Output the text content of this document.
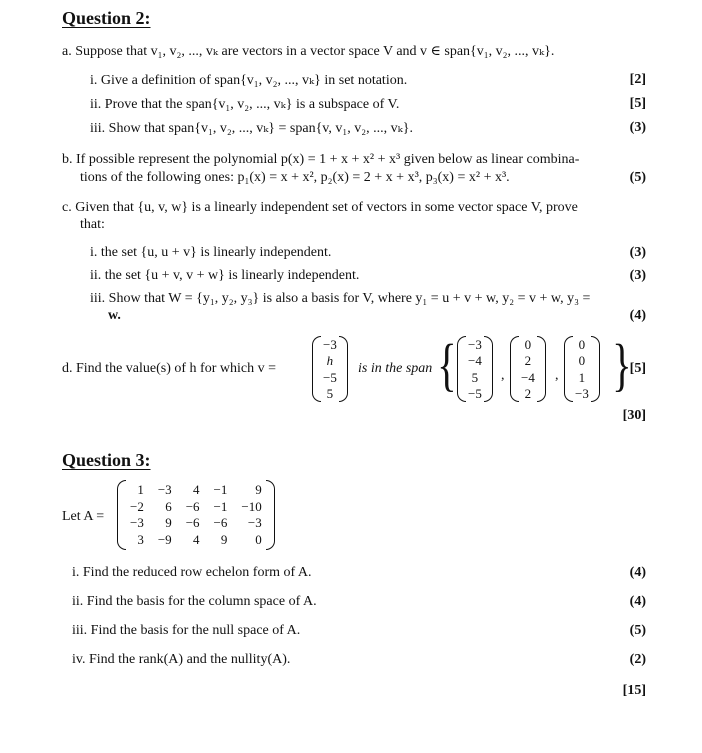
Question 2:
a. Suppose that v₁, v₂, ..., vₖ are vectors in a vector space V and v ∈ span{v₁, v₂, ..., vₖ}.
i. Give a definition of span{v₁, v₂, ..., vₖ} in set notation.	[2]
ii. Prove that the span{v₁, v₂, ..., vₖ} is a subspace of V.	[5]
iii. Show that span{v₁, v₂, ..., vₖ} = span{v, v₁, v₂, ..., vₖ}.	(3)
b. If possible represent the polynomial p(x) = 1 + x + x² + x³ given below as linear combina-
tions of the following ones: p₁(x) = x + x², p₂(x) = 2 + x + x³, p₃(x) = x² + x³.	(5)
c. Given that {u, v, w} is a linearly independent set of vectors in some vector space V, prove
that:
i. the set {u, u + v} is linearly independent.	(3)
ii. the set {u + v, v + w} is linearly independent.	(3)
iii. Show that W = {y₁, y₂, y₃} is also a basis for V, where y₁ = u + v + w, y₂ = v + w, y₃ =
w.	(4)
d. Find the value(s) of h for which v =
−3
h
−5
5
is in the span { −3
−4
5
−5
,
0
2
−4
2
,
0
0
1
−3 }
[5]
[30]
Question 3:
Let A =
1 −3	4 −1	9
−2	6 −6 −1 −10
−3	9 −6 −6	−3
3 −9	4	9	0
i. Find the reduced row echelon form of A.	(4)
ii. Find the basis for the column space of A.	(4)
iii. Find the basis for the null space of A.	(5)
iv. Find the rank(A) and the nullity(A).	(2)
[15]
